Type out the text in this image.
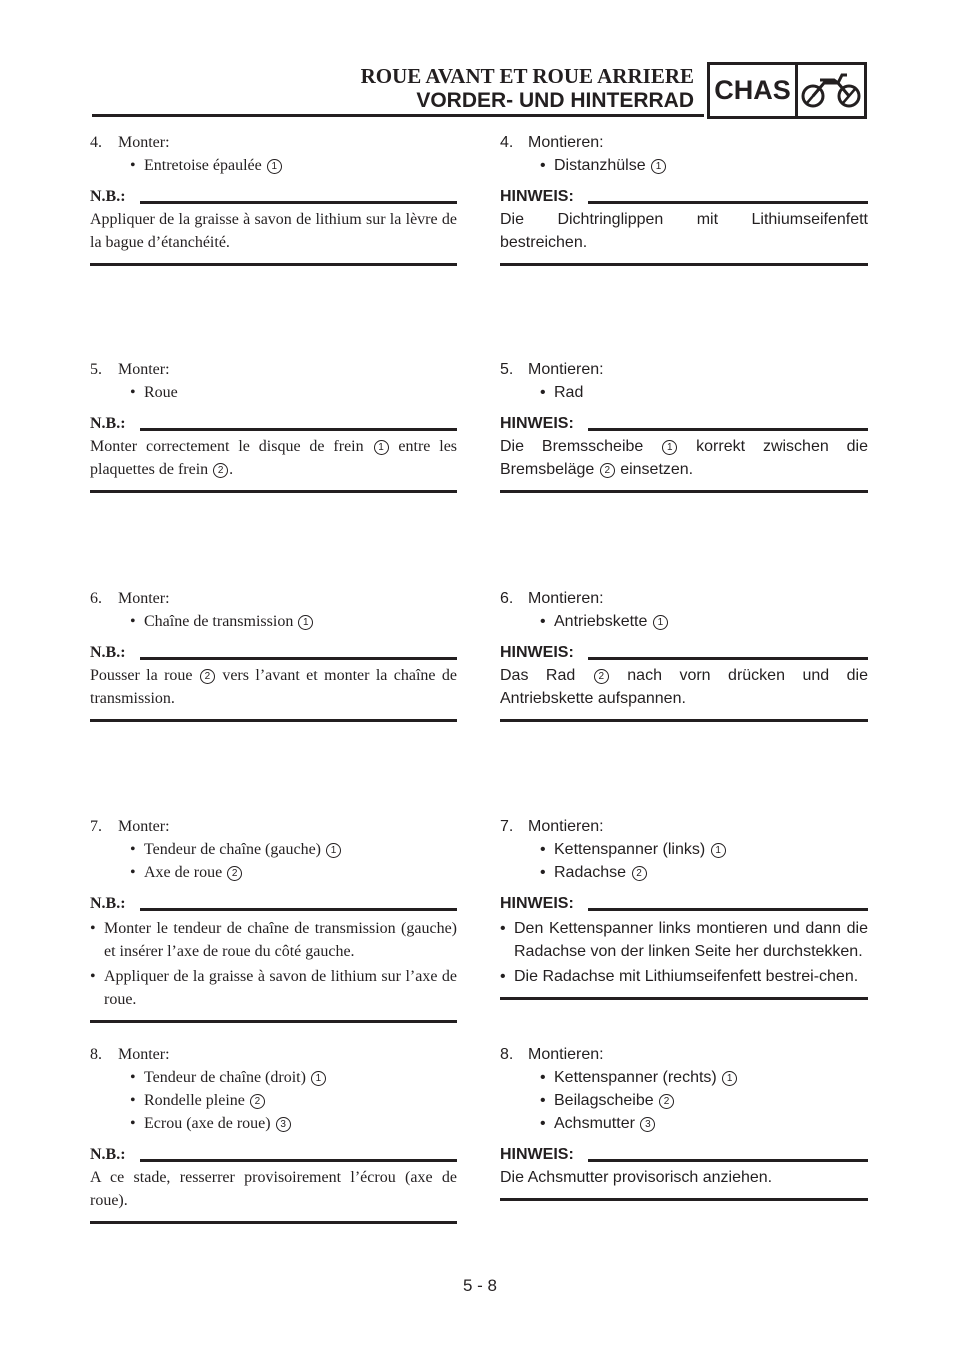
ROUE AVANT ET ROUE ARRIERE
VORDER- UND HINTERRAD CHAS
4. Monter:
• Entretoise épaulée 1
N.B.:
Appliquer de la graisse à savon de lithium sur la lèvre de la bague d’étanchéité.
5. Monter:
• Roue
N.B.:
Monter correctement le disque de frein 1 entre les plaquettes de frein 2 .
6. Monter:
• Chaîne de transmission 1
N.B.:
Pousser la roue 2 vers l’avant et monter la chaîne de transmission.
7. Monter:
• Tendeur de chaîne (gauche) 1
• Axe de roue 2
N.B.:
• Monter le tendeur de chaîne de transmission (gauche) et insérer l’axe de roue du côté gauche.
• Appliquer de la graisse à savon de lithium sur l’axe de roue.
8. Monter:
• Tendeur de chaîne (droit) 1
• Rondelle pleine 2
• Ecrou (axe de roue) 3
N.B.:
A ce stade, resserrer provisoirement l’écrou (axe de roue).
4. Montieren:
• Distanzhülse 1
HINWEIS:
Die Dichtringlippen mit Lithiumseifenfett bestreichen.
5. Montieren:
• Rad
HINWEIS:
Die Bremsscheibe 1 korrekt zwischen die Bremsbeläge 2 einsetzen.
6. Montieren:
• Antriebskette 1
HINWEIS:
Das Rad 2 nach vorn drücken und die Antriebskette aufspannen.
7. Montieren:
• Kettenspanner (links) 1
• Radachse 2
HINWEIS:
• Den Kettenspanner links montieren und dann die Radachse von der linken Seite her durchstekken.
• Die Radachse mit Lithiumseifenfett bestrei-chen.
8. Montieren:
• Kettenspanner (rechts) 1
• Beilagscheibe 2
• Achsmutter 3
HINWEIS:
Die Achsmutter provisorisch anziehen.
5 - 8
